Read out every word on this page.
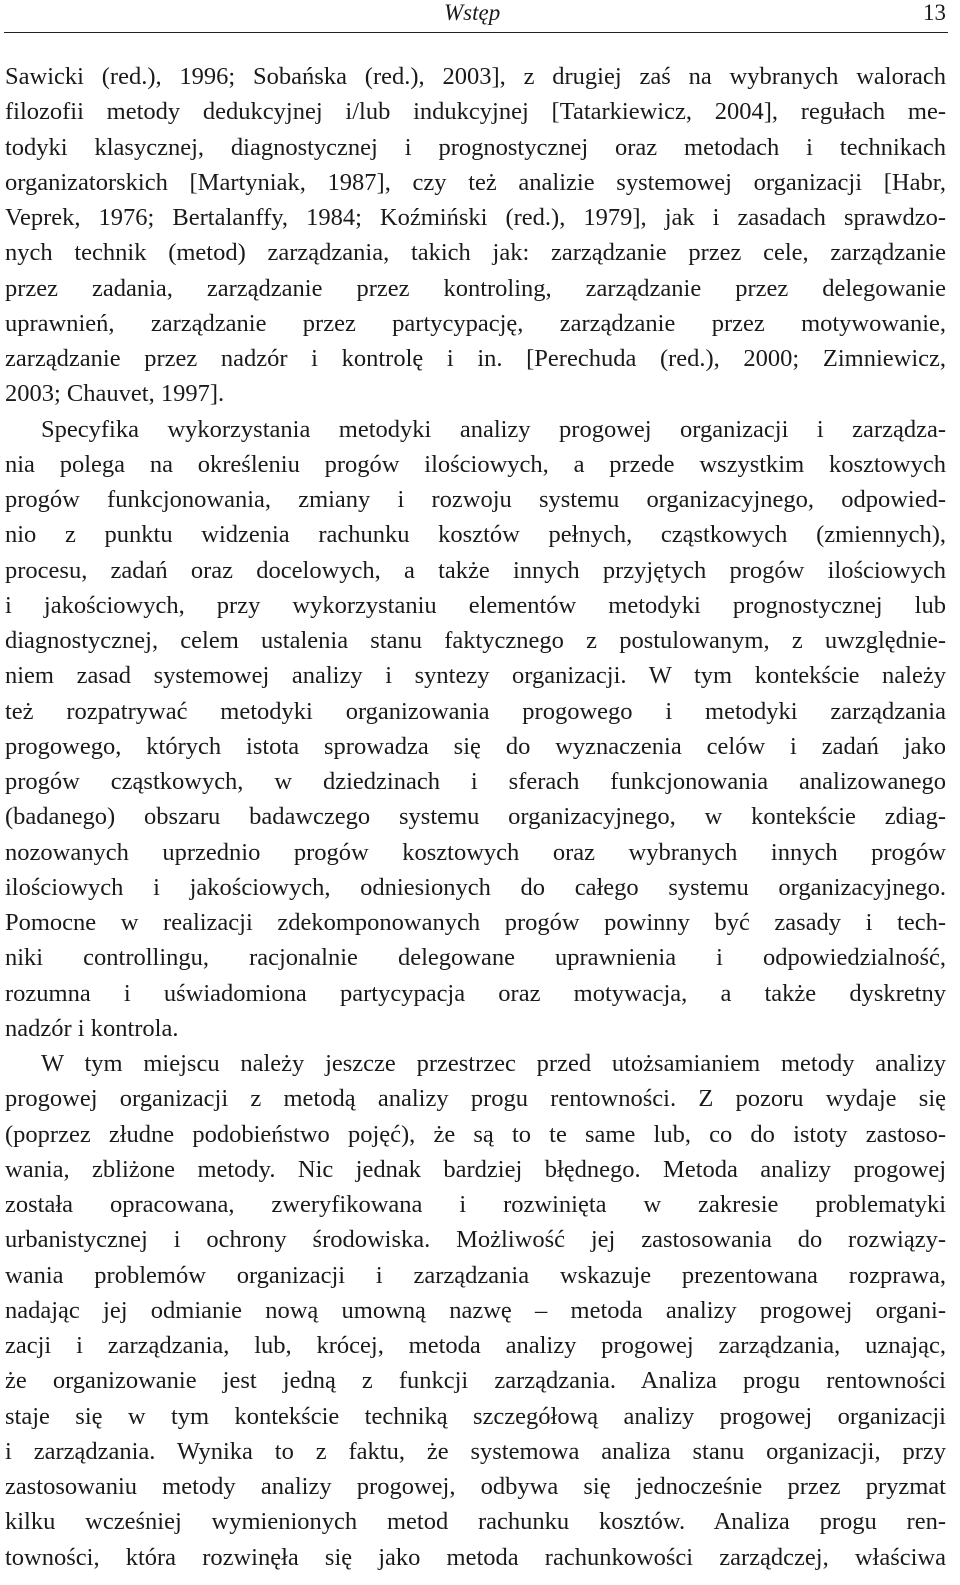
Wstęp	13
Sawicki (red.), 1996; Sobańska (red.), 2003], z drugiej zaś na wybranych walorach
filozofii metody dedukcyjnej i/lub indukcyjnej [Tatarkiewicz, 2004], regułach me-
todyki klasycznej, diagnostycznej i prognostycznej oraz metodach i technikach
organizatorskich [Martyniak, 1987], czy też analizie systemowej organizacji [Habr,
Veprek, 1976; Bertalanffy, 1984; Koźmiński (red.), 1979], jak i zasadach sprawdzo-
nych technik (metod) zarządzania, takich jak: zarządzanie przez cele, zarządzanie
przez zadania, zarządzanie przez kontroling, zarządzanie przez delegowanie
uprawnień, zarządzanie przez partycypację, zarządzanie przez motywowanie,
zarządzanie przez nadzór i kontrolę i in. [Perechuda (red.), 2000; Zimniewicz,
2003; Chauvet, 1997].
Specyfika wykorzystania metodyki analizy progowej organizacji i zarządza-
nia polega na określeniu progów ilościowych, a przede wszystkim kosztowych
progów funkcjonowania, zmiany i rozwoju systemu organizacyjnego, odpowied-
nio z punktu widzenia rachunku kosztów pełnych, cząstkowych (zmiennych),
procesu, zadań oraz docelowych, a także innych przyjętych progów ilościowych
i jakościowych, przy wykorzystaniu elementów metodyki prognostycznej lub
diagnostycznej, celem ustalenia stanu faktycznego z postulowanym, z uwzględnie-
niem zasad systemowej analizy i syntezy organizacji. W tym kontekście należy
też rozpatrywać metodyki organizowania progowego i metodyki zarządzania
progowego, których istota sprowadza się do wyznaczenia celów i zadań jako
progów cząstkowych, w dziedzinach i sferach funkcjonowania analizowanego
(badanego) obszaru badawczego systemu organizacyjnego, w kontekście zdiag-
nozowanych uprzednio progów kosztowych oraz wybranych innych progów
ilościowych i jakościowych, odniesionych do całego systemu organizacyjnego.
Pomocne w realizacji zdekomponowanych progów powinny być zasady i tech-
niki controllingu, racjonalnie delegowane uprawnienia i odpowiedzialność,
rozumna i uświadomiona partycypacja oraz motywacja, a także dyskretny
nadzór i kontrola.
W tym miejscu należy jeszcze przestrzec przed utożsamianiem metody analizy
progowej organizacji z metodą analizy progu rentowności. Z pozoru wydaje się
(poprzez złudne podobieństwo pojęć), że są to te same lub, co do istoty zastoso-
wania, zbliżone metody. Nic jednak bardziej błędnego. Metoda analizy progowej
została opracowana, zweryfikowana i rozwinięta w zakresie problematyki
urbanistycznej i ochrony środowiska. Możliwość jej zastosowania do rozwiązy-
wania problemów organizacji i zarządzania wskazuje prezentowana rozprawa,
nadając jej odmianie nową umowną nazwę – metoda analizy progowej organi-
zacji i zarządzania, lub, krócej, metoda analizy progowej zarządzania, uznając,
że organizowanie jest jedną z funkcji zarządzania. Analiza progu rentowności
staje się w tym kontekście techniką szczegółową analizy progowej organizacji
i zarządzania. Wynika to z faktu, że systemowa analiza stanu organizacji, przy
zastosowaniu metody analizy progowej, odbywa się jednocześnie przez pryzmat
kilku wcześniej wymienionych metod rachunku kosztów. Analiza progu ren-
towności, która rozwinęła się jako metoda rachunkowości zarządczej, właściwa
